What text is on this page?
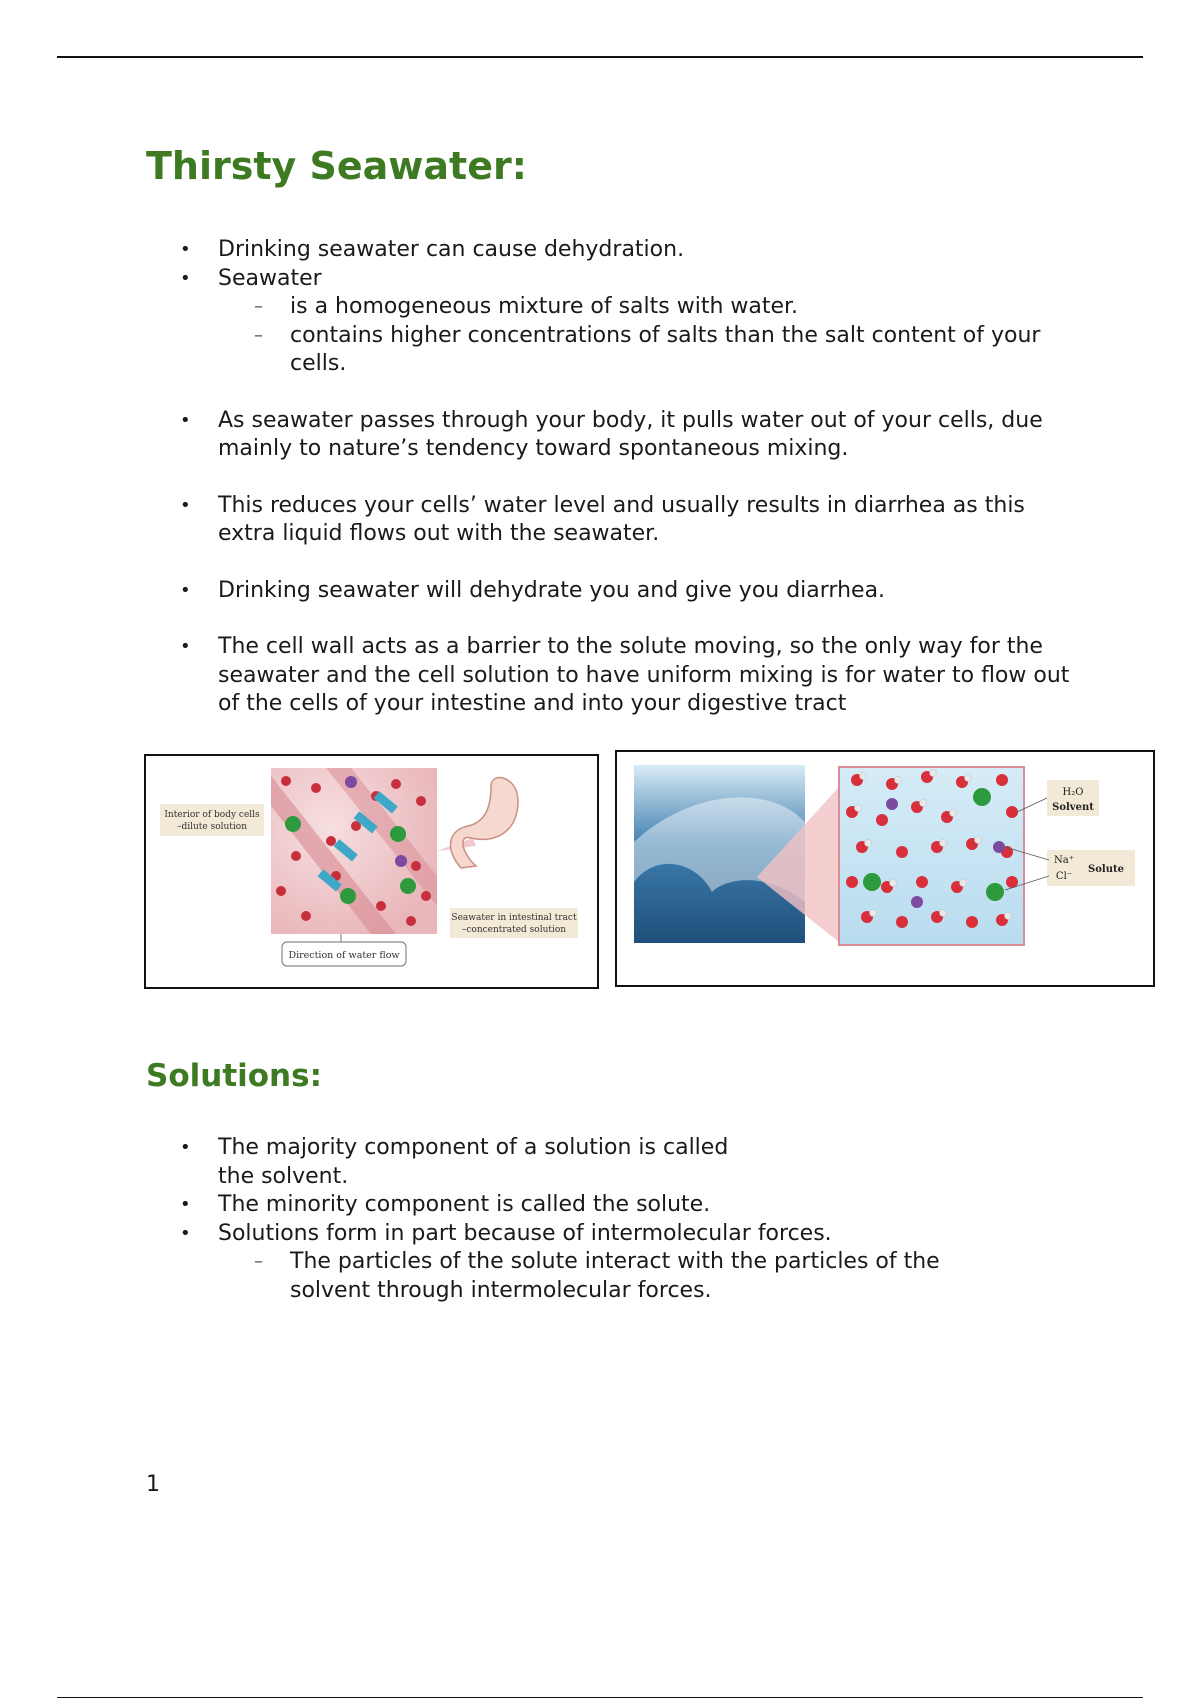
Thirsty Seawater:
• Drinking seawater can cause dehydration.
• Seawater
– is a homogeneous mixture of salts with water.
– contains higher concentrations of salts than the salt content of your cells.
• As seawater passes through your body, it pulls water out of your cells, due mainly to nature’s tendency toward spontaneous mixing.
• This reduces your cells’ water level and usually results in diarrhea as this extra liquid flows out with the seawater.
• Drinking seawater will dehydrate you and give you diarrhea.
• The cell wall acts as a barrier to the solute moving, so the only way for the seawater and the cell solution to have uniform mixing is for water to flow out of the cells of your intestine and into your digestive tract
Interior of body cells
–dilute solution
Seawater in intestinal tract
–concentrated solution
Direction of water flow
H₂O
Solvent
Na⁺
Cl⁻
Solute
Solutions:
• The majority component of a solution is called
the solvent.
• The minority component is called the solute.
• Solutions form in part because of intermolecular forces.
– The particles of the solute interact with the particles of the solvent through intermolecular forces.
1
